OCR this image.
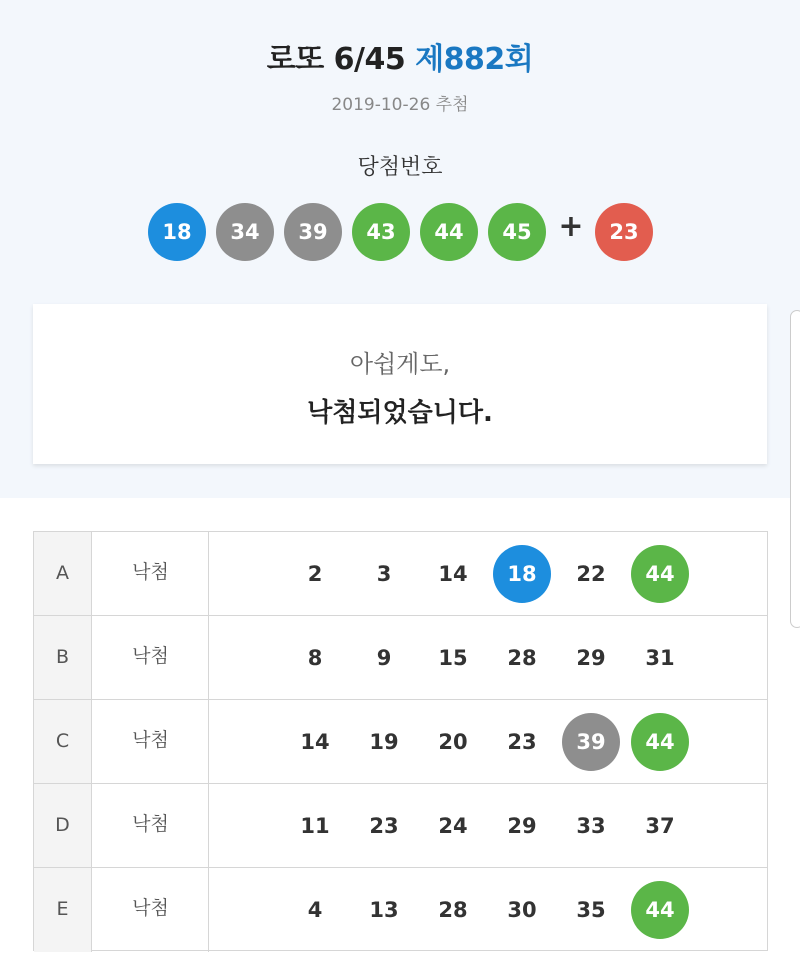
로또 6/45 제882회
2019-10-26 추첨
당첨번호
18	34	39	43	44	45 +	23
아쉽게도,
낙첨되었습니다.
A	낙첨	2	3	14	18	22	44
B	낙첨	8	9	15	28	29	31
C	낙첨	14	19	20	23	39	44
D	낙첨	11	23	24	29	33	37
E	낙첨	4	13	28	30	35	44
